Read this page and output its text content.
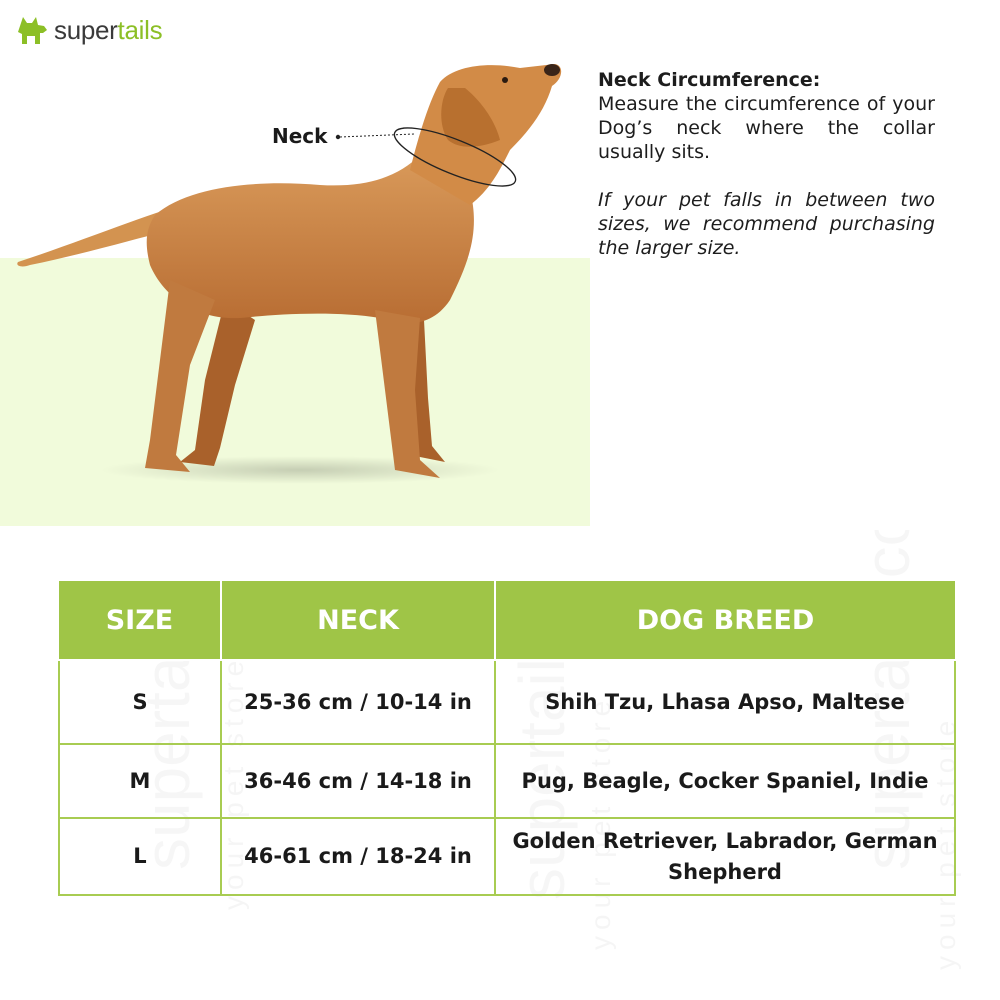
supertails
Neck
Neck Circumference:

Measure the circumference of your Dog’s neck where the collar usually sits.

If your pet falls in between two sizes, we recommend purchasing the larger size.

SIZE	NECK	DOG BREED
S	25-36 cm / 10-14 in	Shih Tzu, Lhasa Apso, Maltese
M	36-46 cm / 14-18 in	Pug, Beagle, Cocker Spaniel, Indie
L	46-61 cm / 18-24 in	Golden Retriever, Labrador, German Shepherd
